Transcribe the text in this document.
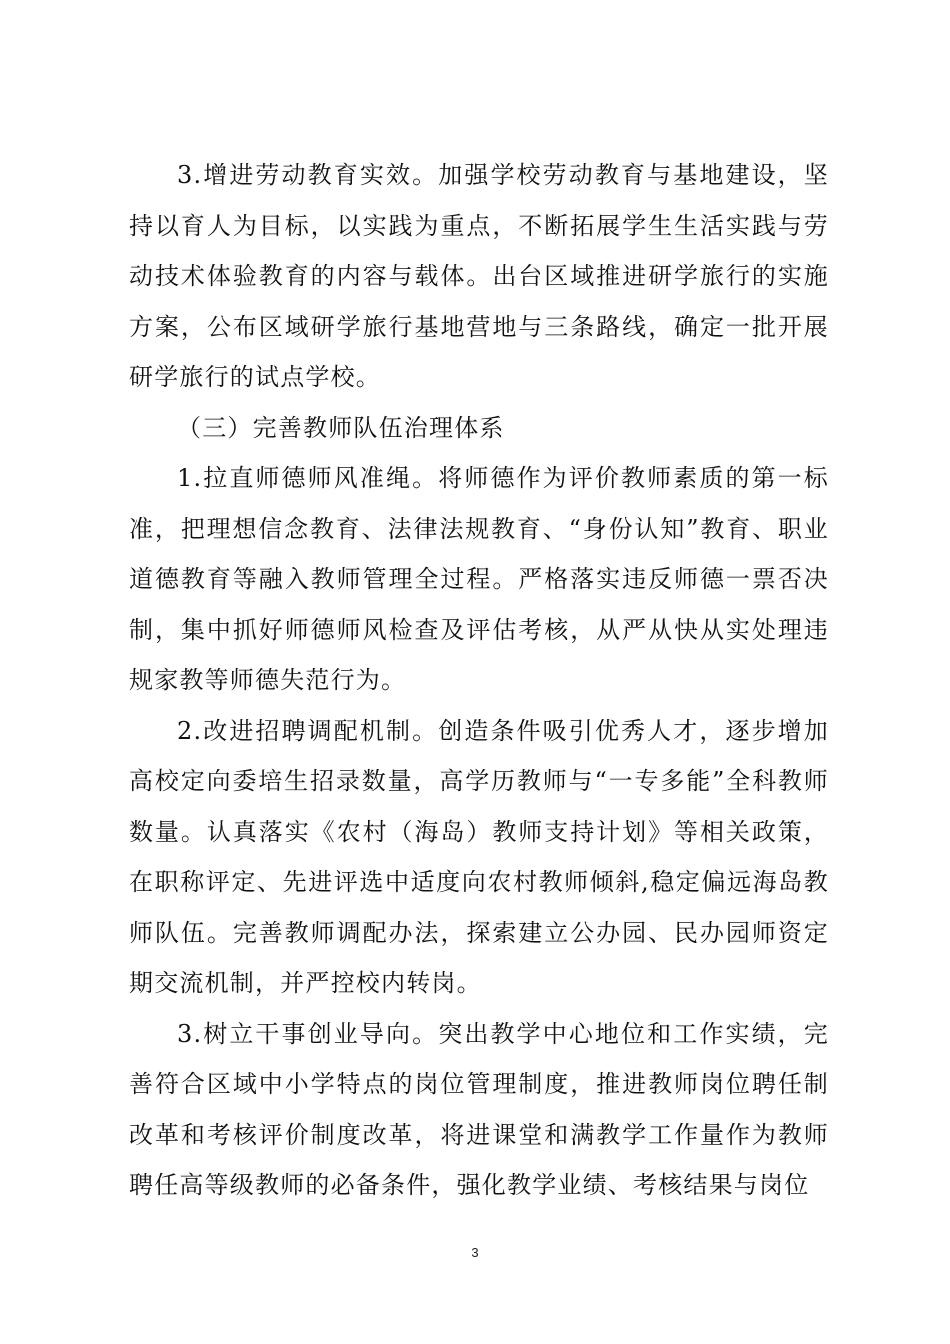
3.增进劳动教育实效。加强学校劳动教育与基地建设，坚持以育人为目标，以实践为重点，不断拓展学生生活实践与劳动技术体验教育的内容与载体。出台区域推进研学旅行的实施方案，公布区域研学旅行基地营地与三条路线，确定一批开展研学旅行的试点学校。

（三）完善教师队伍治理体系

1.拉直师德师风准绳。将师德作为评价教师素质的第一标准，把理想信念教育、法律法规教育、“身份认知”教育、职业道德教育等融入教师管理全过程。严格落实违反师德一票否决制，集中抓好师德师风检查及评估考核，从严从快从实处理违规家教等师德失范行为。

2.改进招聘调配机制。创造条件吸引优秀人才，逐步增加高校定向委培生招录数量，高学历教师与“一专多能”全科教师数量。认真落实《农村（海岛）教师支持计划》等相关政策，在职称评定、先进评选中适度向农村教师倾斜,稳定偏远海岛教师队伍。完善教师调配办法，探索建立公办园、民办园师资定期交流机制，并严控校内转岗。

3.树立干事创业导向。突出教学中心地位和工作实绩，完善符合区域中小学特点的岗位管理制度，推进教师岗位聘任制改革和考核评价制度改革，将进课堂和满教学工作量作为教师聘任高等级教师的必备条件，强化教学业绩、考核结果与岗位

3
